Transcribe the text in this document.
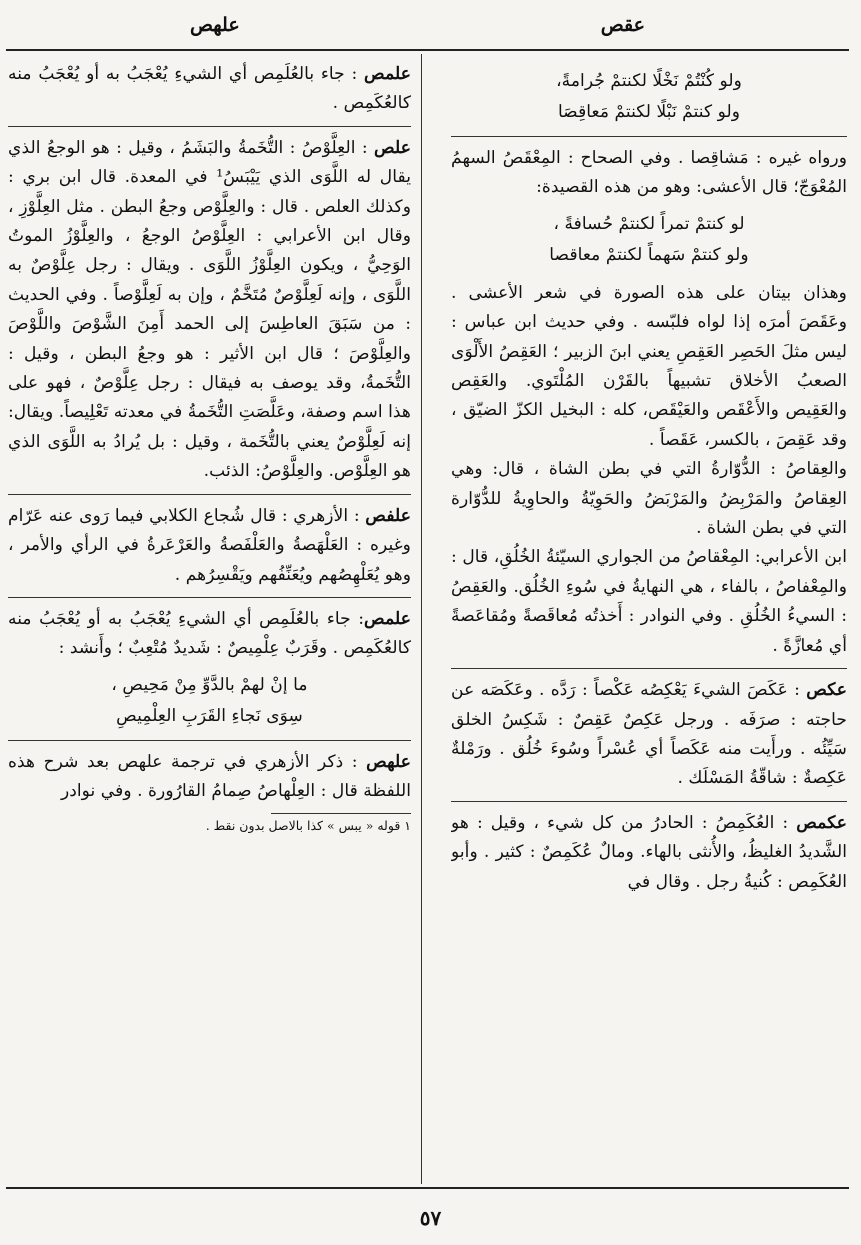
عقص
علهص

ولو كُنْتُمْ نَخْلًا لكنتمْ جُرامةً،

ولو كنتمْ نَبْلًا لكنتمْ مَعاقِصَا

ورواه غيره : مَشاقِصا . وفي الصحاح : المِعْقَصُ السهمُ المُعْوَجّ؛ قال الأعشى: وهو من هذه القصيدة:

لو كنتمْ تمراً لكنتمْ حُسافةً ،

ولو كنتمْ سَهماً لكنتمْ معاقصا

وهذان بيتان على هذه الصورة في شعر الأعشى . وعَقَصَ أمرَه إذا لواه فلبّسه . وفي حديث ابن عباس : ليس مثلَ الحَصِر العَقِصِ يعني ابنَ الزبير ؛ العَقِصُ الأَلْوَى الصعبُ الأخلاق تشبيهاً بالقَرْن المُلْتَوي. والعَقِص والعَقِيص والأَعْقَص والعَيْقَص، كله : البخيل الكزّ الضيّق ، وقد عَقِصَ ، بالكسر، عَقَصاً .

والعِقاصُ : الدُّوّارةُ التي في بطن الشاة ، قال: وهي العِقاصُ والمَرْبِضُ والمَرْبَضُ والحَوِيّةُ والحاوِيةُ للدُّوّارة التي في بطن الشاة .

ابن الأعرابي: المِعْقاصُ من الجواري السيّئةُ الخُلُقِ، قال : والمِعْفاصُ ، بالفاء ، هي النهايةُ في سُوءِ الخُلُق. والعَقِصُ : السيءُ الخُلُقِ . وفي النوادر : أَخذتُه مُعاقَصةً ومُقاعَصةً أي مُعازَّةً .

عكص : عَكَصَ الشيءَ يَعْكِصُه عَكْصاً : رَدَّه . وعَكَصَه عن حاجته : صرَفَه . ورجل عَكِصٌ عَقِصٌ : شَكِسُ الخلق سَيِّئُه . ورأَيت منه عَكَصاً أي عُسْراً وسُوءَ خُلُق . ورَمْلةٌ عَكِصةٌ : شاقّةُ المَسْلَك .

عكمص : العُكَمِصُ : الحادرُ من كل شيء ، وقيل : هو الشَّديدُ الغليظُ، والأُنثى بالهاء. ومالٌ عُكَمِصٌ : كثير . وأبو العُكَمِص : كُنيةُ رجل . وقال في

علمص : جاء بالعُلَمِص أي الشيءِ يُعْجَبُ به أو يُعْجَبُ منه كالعُكَمِص .

علص : العِلَّوْصُ : التُّخَمةُ والبَشَمُ ، وقيل : هو الوجعُ الذي يقال له اللَّوَى الذي يَيْبَسُ¹ في المعدة. قال ابن بري : وكذلك العلص . قال : والعِلَّوْص وجعُ البطن . مثل العِلَّوْزِ ، وقال ابن الأعرابي : العِلَّوْصُ الوجعُ ، والعِلَّوْزُ الموتُ الوَحِيُّ ، ويكون العِلَّوْزُ اللَّوَى . ويقال : رجل عِلَّوْصٌ به اللَّوَى ، وإنه لَعِلَّوْصٌ مُتَخَّمٌ ، وإن به لَعِلَّوْصاً . وفي الحديث : من سَبَقَ العاطِسَ إلى الحمد أَمِنَ الشَّوْصَ واللَّوْصَ والعِلَّوْصَ ؛ قال ابن الأثير : هو وجعُ البطن ، وقيل : التُّخَمةُ، وقد يوصف به فيقال : رجل عِلَّوْصٌ ، فهو على هذا اسم وصفة، وعَلَّصَتِ التُّخَمةُ في معدته تَعْلِيصاً. ويقال: إنه لَعِلَّوْصٌ يعني بالتُّخَمة ، وقيل : بل يُرادُ به اللَّوَى الذي هو العِلَّوْص. والعِلَّوْصُ: الذئب.

علفص : الأزهري : قال شُجاع الكلابي فيما رَوى عنه عَرّام وغيره : العَلْهَصةُ والعَلْفَصةُ والعَرْعَرةُ في الرأي والأمر ، وهو يُعَلْهِصُهم ويُعَنِّفُهم ويَقْسِرُهم .

علمص: جاء بالعُلَمِص أي الشيءِ يُعْجَبُ به أو يُعْجَبُ منه كالعُكَمِص . وقَرَبٌ عِلْمِيصٌ : شَديدٌ مُتْعِبٌ ؛ وأَنشد :

ما إنْ لهمْ بالدَّوِّ مِنْ مَحِيصِ ،

سِوَى نَجاءِ القَرَبِ العِلْمِيصِ

علهص : ذكر الأزهري في ترجمة علهص بعد شرح هذه اللفظة قال : العِلْهاصُ صِمامُ القارُورة . وفي نوادر

١ قوله « يبس » كذا بالاصل بدون نقط .

٥٧
